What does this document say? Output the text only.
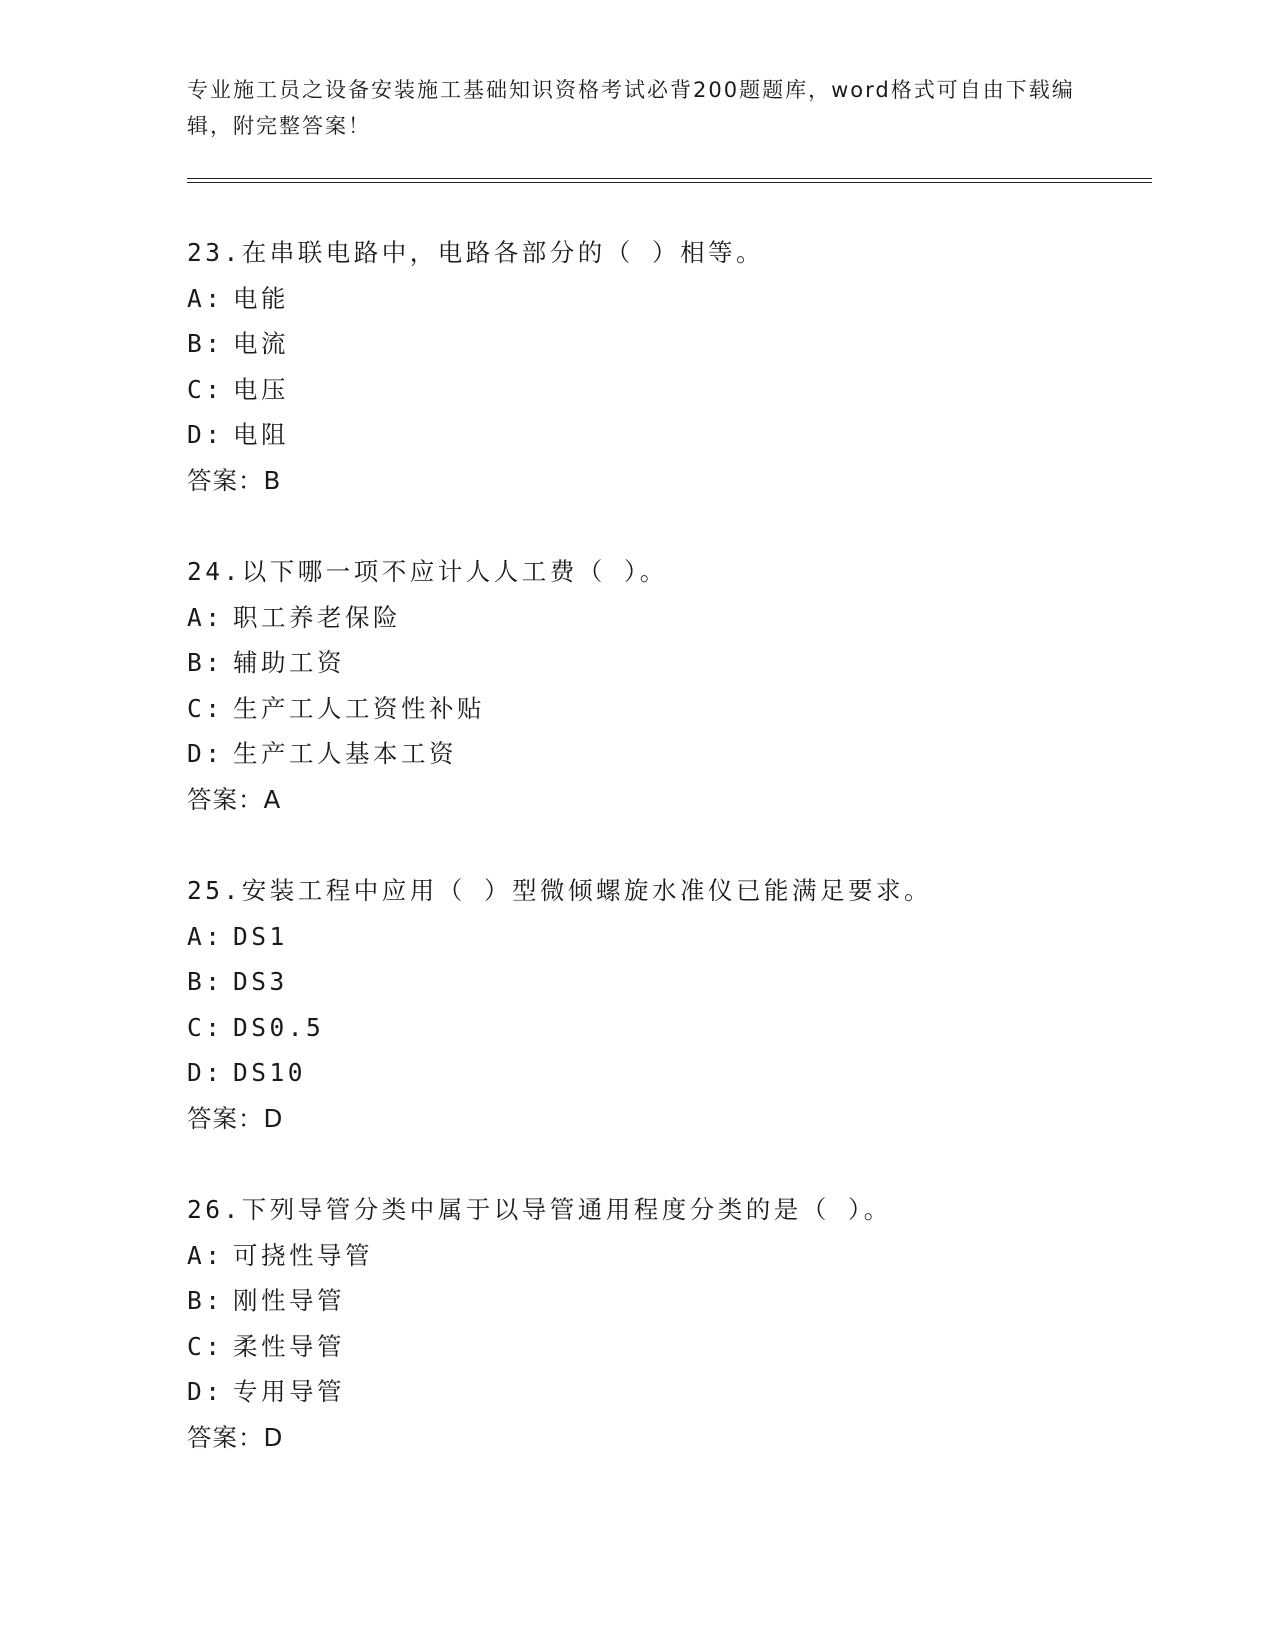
专业施工员之设备安装施工基础知识资格考试必背200题题库，word格式可自由下载编辑，附完整答案！
23.在串联电路中，电路各部分的（ ）相等。
A: 电能
B: 电流
C: 电压
D: 电阻
答案：B
24.以下哪一项不应计人人工费（ ）。
A: 职工养老保险
B: 辅助工资
C: 生产工人工资性补贴
D: 生产工人基本工资
答案：A
25.安装工程中应用（ ）型微倾螺旋水准仪已能满足要求。
A: DS1
B: DS3
C: DS0.5
D: DS10
答案：D
26.下列导管分类中属于以导管通用程度分类的是（ ）。
A: 可挠性导管
B: 刚性导管
C: 柔性导管
D: 专用导管
答案：D
